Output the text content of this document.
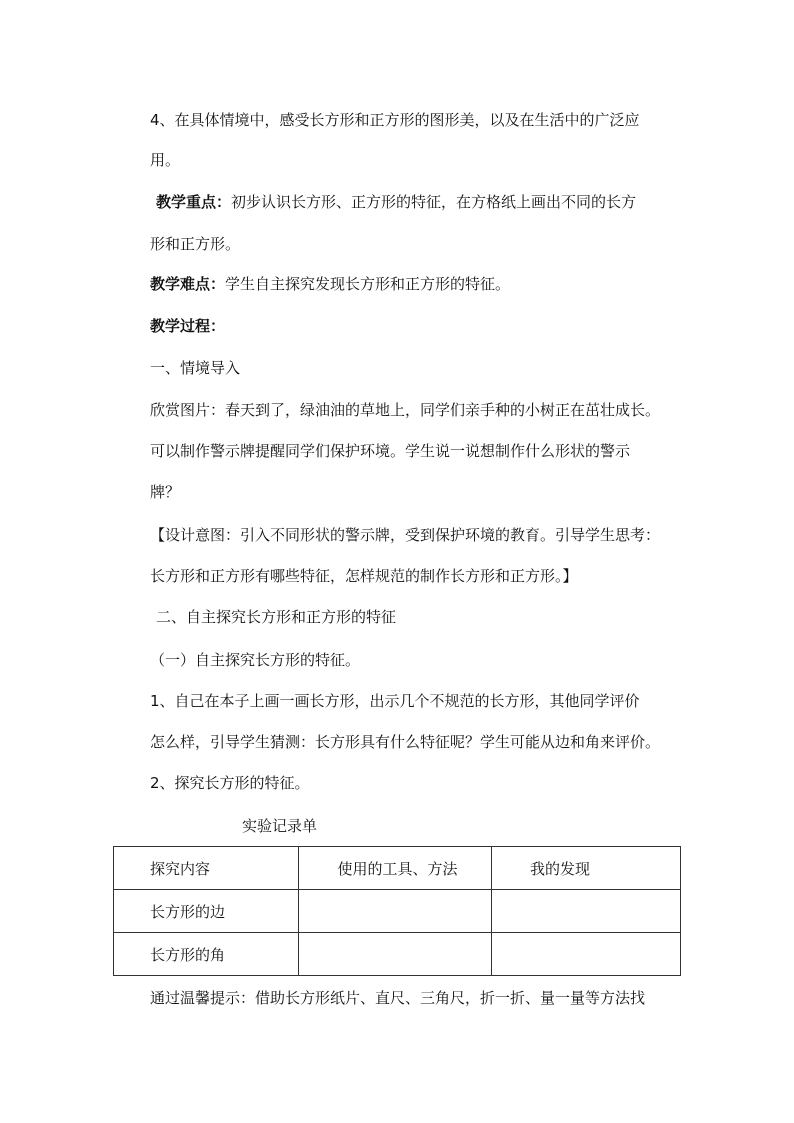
4、在具体情境中，感受长方形和正方形的图形美，以及在生活中的广泛应
用。
教学重点：初步认识长方形、正方形的特征，在方格纸上画出不同的长方
形和正方形。
教学难点：学生自主探究发现长方形和正方形的特征。
教学过程：
一、情境导入
欣赏图片：春天到了，绿油油的草地上，同学们亲手种的小树正在茁壮成长。
可以制作警示牌提醒同学们保护环境。学生说一说想制作什么形状的警示
牌？
【设计意图：引入不同形状的警示牌，受到保护环境的教育。引导学生思考：
长方形和正方形有哪些特征，怎样规范的制作长方形和正方形。】
二、自主探究长方形和正方形的特征
（一）自主探究长方形的特征。
1、自己在本子上画一画长方形，出示几个不规范的长方形，其他同学评价
怎么样，引导学生猜测：长方形具有什么特征呢？学生可能从边和角来评价。
2、探究长方形的特征。
实验记录单
探究内容	使用的工具、方法	我的发现
长方形的边		
长方形的角		
通过温馨提示：借助长方形纸片、直尺、三角尺，折一折、量一量等方法找
